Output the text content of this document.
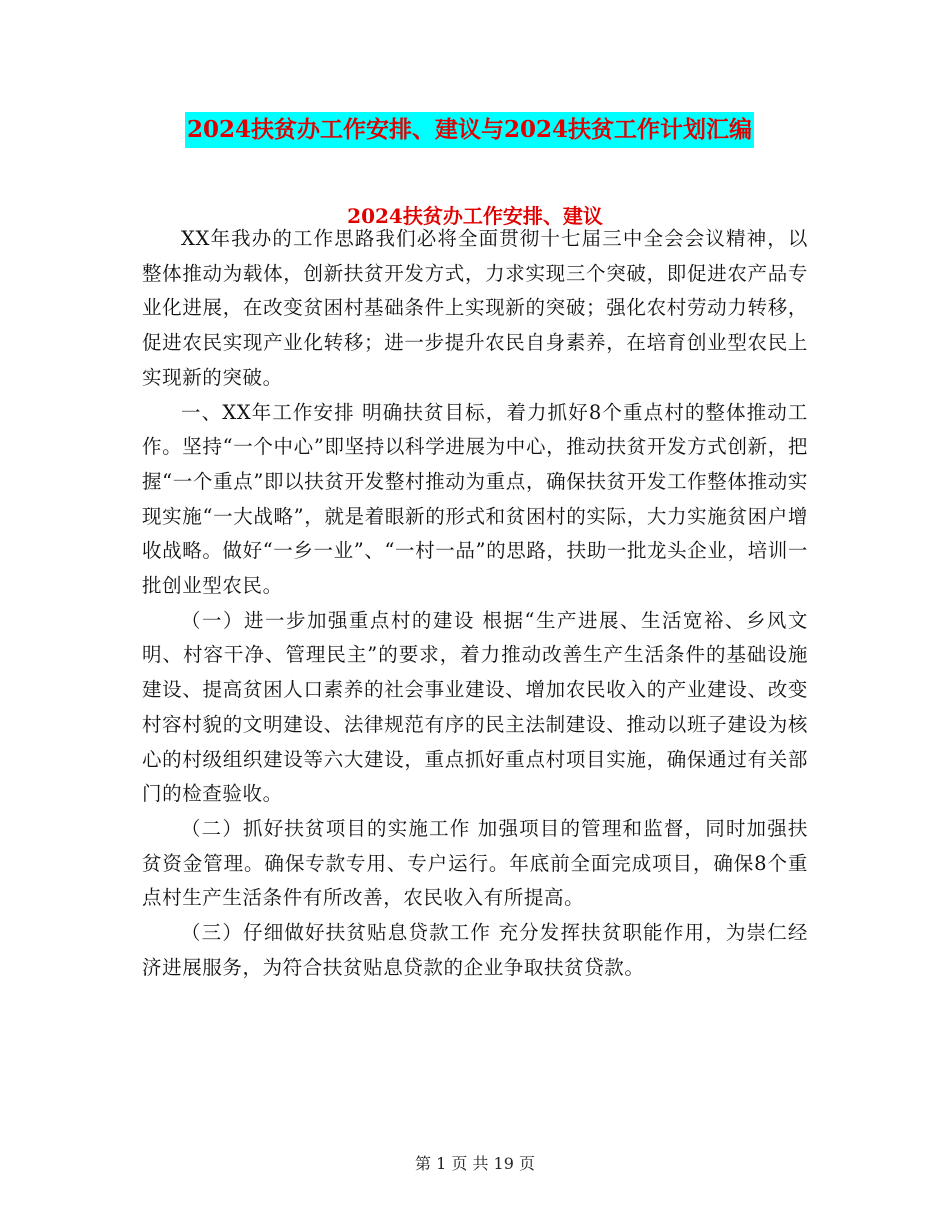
2024扶贫办工作安排、建议与2024扶贫工作计划汇编
2024扶贫办工作安排、建议

XX年我办的工作思路我们必将全面贯彻十七届三中全会会议精神，以整体推动为载体，创新扶贫开发方式，力求实现三个突破，即促进农产品专业化进展，在改变贫困村基础条件上实现新的突破；强化农村劳动力转移，促进农民实现产业化转移；进一步提升农民自身素养，在培育创业型农民上实现新的突破。

一、XX年工作安排 明确扶贫目标，着力抓好8个重点村的整体推动工作。坚持“一个中心”即坚持以科学进展为中心，推动扶贫开发方式创新，把握“一个重点”即以扶贫开发整村推动为重点，确保扶贫开发工作整体推动实现实施“一大战略”，就是着眼新的形式和贫困村的实际，大力实施贫困户增收战略。做好“一乡一业”、“一村一品”的思路，扶助一批龙头企业，培训一批创业型农民。

（一）进一步加强重点村的建设 根据“生产进展、生活宽裕、乡风文明、村容干净、管理民主”的要求，着力推动改善生产生活条件的基础设施建设、提高贫困人口素养的社会事业建设、增加农民收入的产业建设、改变村容村貌的文明建设、法律规范有序的民主法制建设、推动以班子建设为核心的村级组织建设等六大建设，重点抓好重点村项目实施，确保通过有关部门的检查验收。

（二）抓好扶贫项目的实施工作 加强项目的管理和监督，同时加强扶贫资金管理。确保专款专用、专户运行。年底前全面完成项目，确保8个重点村生产生活条件有所改善，农民收入有所提高。

（三）仔细做好扶贫贴息贷款工作 充分发挥扶贫职能作用，为崇仁经济进展服务，为符合扶贫贴息贷款的企业争取扶贫贷款。

第 1 页 共 19 页
